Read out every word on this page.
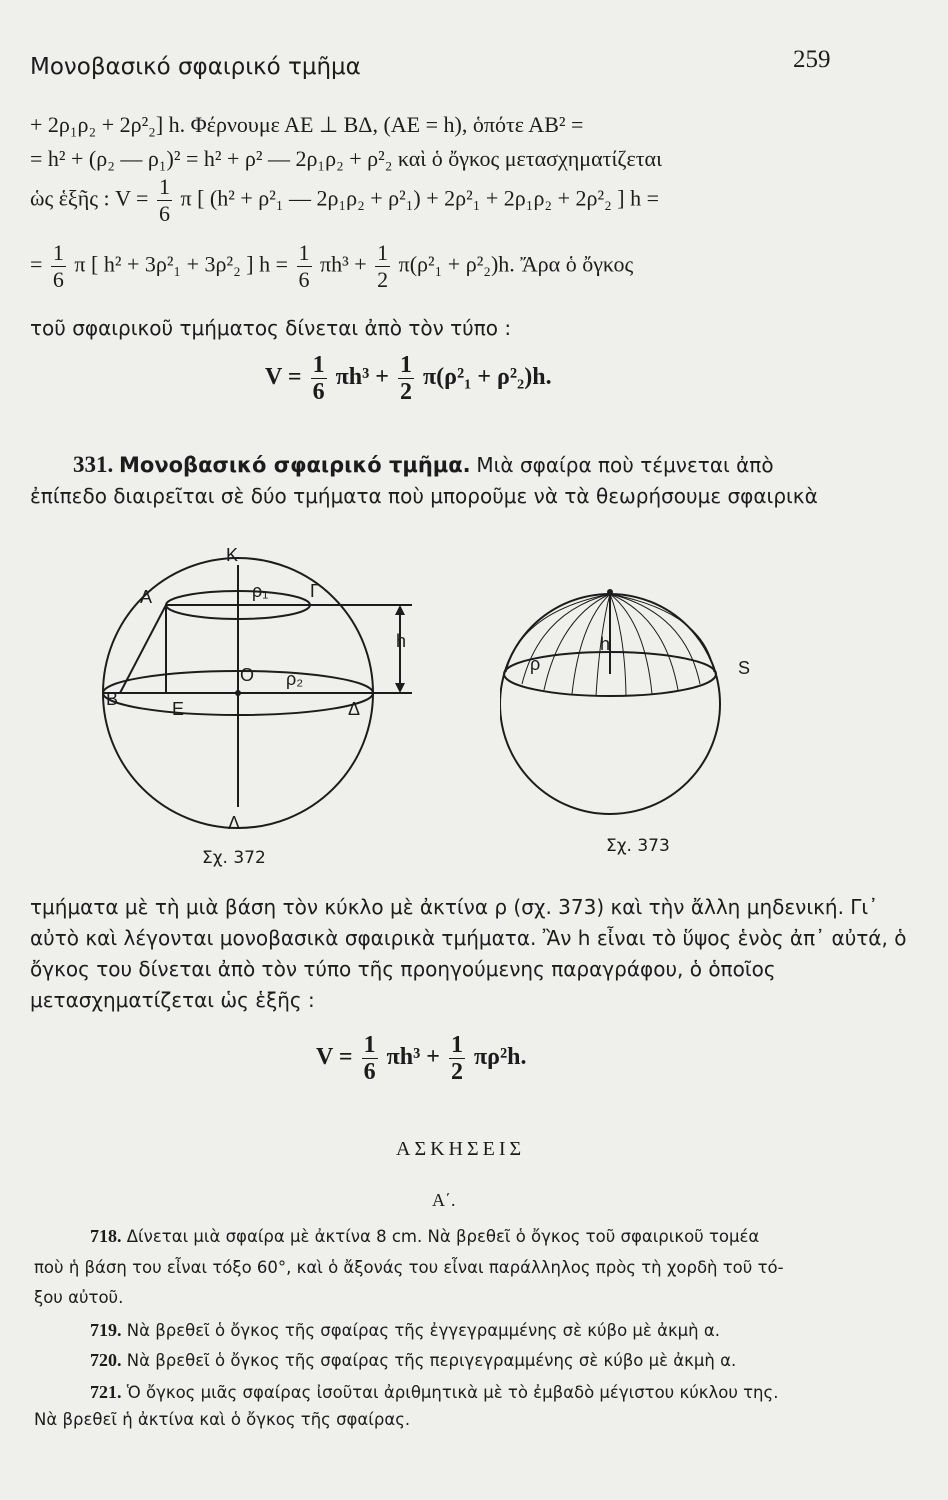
Μονοβασικό σφαιρικό τμῆμα	259
+ 2ρ₁ρ₂ + 2ρ²₂] h. Φέρνουμε ΑΕ ⊥ ΒΔ, (ΑΕ = h), ὁπότε ΑΒ² =
= h² + (ρ₂ — ρ₁)² = h² + ρ² — 2ρ₁ρ₂ + ρ²₂ καὶ ὁ ὄγκος μετασχηματίζεται
ὡς ἑξῆς : $V = \frac{1}{6}$ π [ (h² + ρ²₁ — 2ρ₁ρ₂ + ρ²₁) + 2ρ²₁ + 2ρ₁ρ₂ + 2ρ²₂ ] h =
= $\frac{1}{6}$ π [ h² + 3ρ²₁ + 3ρ²₂ ] $h = \frac{1}{6} \pi h^3 + \frac{1}{2} \pi(\rho^2_1 + \rho^2_2)h$. Ἄρα ὁ ὄγκος
τοῦ σφαιρικοῦ τμήματος δίνεται ἀπὸ τὸν τύπο :
$V = \frac{1}{6} \pi h^3 + \frac{1}{2} \pi(\rho^2_1 + \rho^2_2)h$.
331. Μονοβασικό σφαιρικό τμῆμα. Μιὰ σφαίρα ποὺ τέμνεται ἀπὸ
ἐπίπεδο διαιρεῖται σὲ δύο τμήματα ποὺ μποροῦμε νὰ τὰ θεωρήσουμε σφαιρικὰ
K
A	ρ₁ Γ
h
O ρ₂
B	E	Δ
Λ
Σχ. 372
h
ρ	S
Σχ. 373
τμήματα μὲ τὴ μιὰ βάση τὸν κύκλο μὲ ἀκτίνα ρ (σχ. 373) καὶ τὴν ἄλλη μηδενική. Γι᾿ αὐτὸ καὶ λέγονται μονοβασικὰ σφαιρικὰ τμήματα. Ἂν h εἶναι τὸ ὕψος ἑνὸς ἀπ᾿ αὐτά, ὁ ὄγκος του δίνεται ἀπὸ τὸν τύπο τῆς προηγούμενης παραγράφου, ὁ ὁποῖος μετασχηματίζεται ὡς ἑξῆς :
$V = \frac{1}{6} \pi h^3 + \frac{1}{2} \pi\rho^2h$.
ΑΣΚΗΣΕΙΣ
Α΄.
718. Δίνεται μιὰ σφαίρα μὲ ἀκτίνα 8 cm. Νὰ βρεθεῖ ὁ ὄγκος τοῦ σφαιρικοῦ τομέα
ποὺ ἡ βάση του εἶναι τόξο 60°, καὶ ὁ ἄξονάς του εἶναι παράλληλος πρὸς τὴ χορδὴ τοῦ τό-
ξου αὐτοῦ.
719. Νὰ βρεθεῖ ὁ ὄγκος τῆς σφαίρας τῆς ἐγγεγραμμένης σὲ κύβο μὲ ἀκμὴ α.
720. Νὰ βρεθεῖ ὁ ὄγκος τῆς σφαίρας τῆς περιγεγραμμένης σὲ κύβο μὲ ἀκμὴ α.
721. Ὁ ὄγκος μιᾶς σφαίρας ἰσοῦται ἀριθμητικὰ μὲ τὸ ἐμβαδὸ μέγιστου κύκλου της.
Νὰ βρεθεῖ ἡ ἀκτίνα καὶ ὁ ὄγκος τῆς σφαίρας.
